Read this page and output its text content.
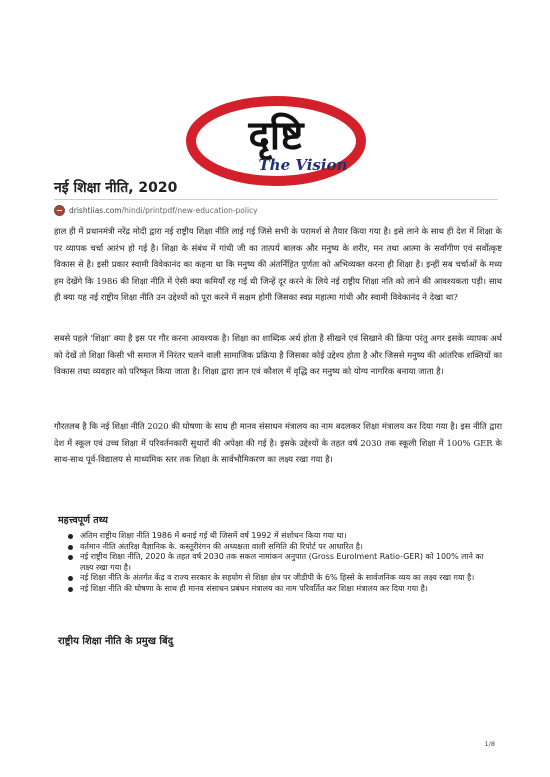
दृष्टि
The Vision
नई शिक्षा नीति, 2020
drishtiias.com/hindi/printpdf/new-education-policy

हाल ही में प्रधानमंत्री नरेंद्र मोदी द्वारा नई राष्ट्रीय शिक्षा नीति लाई गई जिसे सभी के परामर्श से तैयार किया गया है। इसे लाने के साथ ही देश में शिक्षा के पर व्यापक चर्चा आरंभ हो गई है। शिक्षा के संबंध में गांधी जी का तात्पर्य बालक और मनुष्य के शरीर, मन तथा आत्मा के सर्वांगीण एवं सर्वोत्कृष्ट विकास से है। इसी प्रकार स्वामी विवेकानंद का कहना था कि मनुष्य की अंतर्निहित पूर्णता को अभिव्यक्त करना ही शिक्षा है। इन्हीं सब चर्चाओं के मध्य हम देखेंगे कि 1986 की शिक्षा नीति में ऐसी क्या कमियाँ रह गई थी जिन्हें दूर करने के लिये नई राष्ट्रीय शिक्षा नति को लाने की आवश्यकता पड़ी। साथ ही क्या यह नई राष्ट्रीय शिक्षा नीति उन उद्देश्यों को पूरा करने में सक्षम होगी जिसका स्वप्न महात्मा गांधी और स्वामी विवेकानंद ने देखा था?

सबसे पहले 'शिक्षा' क्या है इस पर गौर करना आवश्यक है। शिक्षा का शाब्दिक अर्थ होता है सीखने एवं सिखाने की क्रिया परंतु अगर इसके व्यापक अर्थ को देखें तो शिक्षा किसी भी समाज में निरंतर चलने वाली सामाजिक प्रक्रिया है जिसका कोई उद्देश्य होता है और जिससे मनुष्य की आंतरिक शक्तियों का विकास तथा व्यवहार को परिष्कृत किया जाता है। शिक्षा द्वारा ज्ञान एवं कौशल में वृद्धि कर मनुष्य को योग्य नागरिक बनाया जाता है।

गौरतलब है कि नई शिक्षा नीति 2020 की घोषणा के साथ ही मानव संसाधन मंत्रालय का नाम बदलकर शिक्षा मंत्रालय कर दिया गया है। इस नीति द्वारा देश में स्कूल एवं उच्च शिक्षा में परिवर्तनकारी सुधारों की अपेक्षा की गई है। इसके उद्देश्यों के तहत वर्ष 2030 तक स्कूली शिक्षा में 100% GER के साथ-साथ पूर्व-विद्यालय से माध्यमिक स्तर तक शिक्षा के सार्वभौमिकरण का लक्ष्य रखा गया है।

महत्त्वपूर्ण तथ्य
अंतिम राष्ट्रीय शिक्षा नीति 1986 में बनाई गई थी जिसमें वर्ष 1992 में संशोधन किया गया था।
वर्तमान नीति अंतरिक्ष वैज्ञानिक के. कस्तूरीरंगन की अध्यक्षता वाली समिति की रिपोर्ट पर आधारित है।
नई राष्ट्रीय शिक्षा नीति, 2020 के तहत वर्ष 2030 तक सकल नामांकन अनुपात (Gross Eurolment Ratio-GER) को 100% लाने का लक्ष्य रखा गया है।
नई शिक्षा नीति के अंतर्गत केंद्र व राज्य सरकार के सहयोग से शिक्षा क्षेत्र पर जीडीपी के 6% हिस्से के सार्वजनिक व्यय का लक्ष्य रखा गया है।
नई शिक्षा नीति की घोषणा के साथ ही मानव संसाधन प्रबंधन मंत्रालय का नाम परिवर्तित कर शिक्षा मंत्रालय कर दिया गया है।
राष्ट्रीय शिक्षा नीति के प्रमुख बिंदु
1/8
